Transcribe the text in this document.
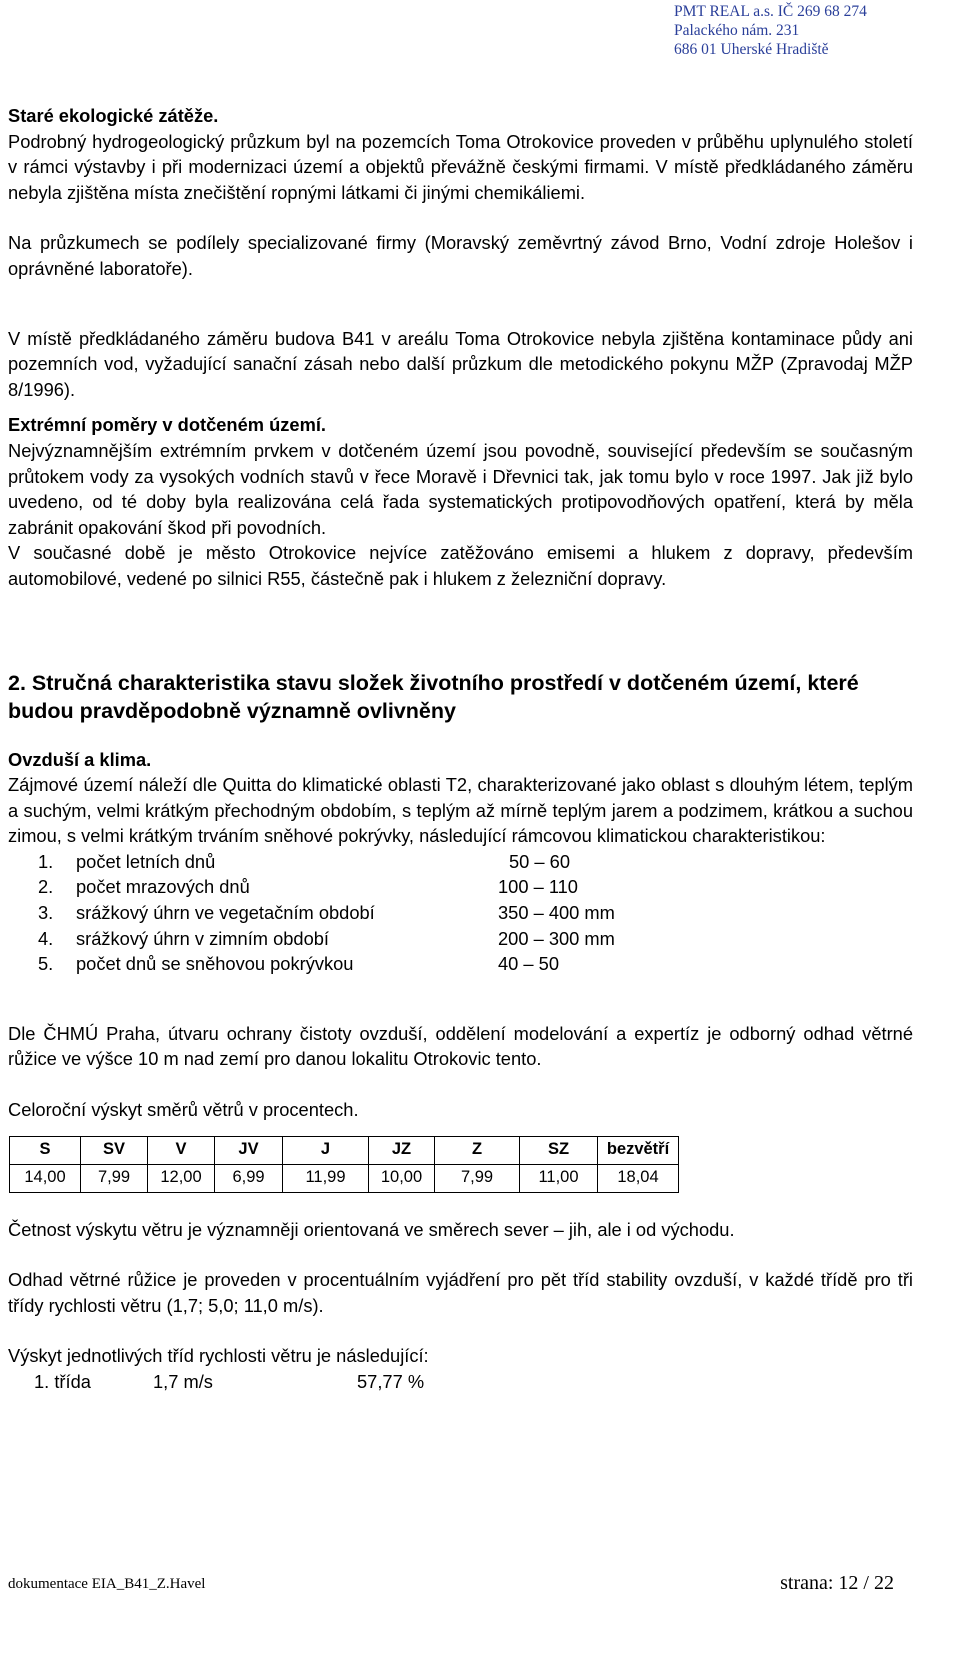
PMT REAL a.s. IČ 269 68 274
Palackého nám. 231
686 01 Uherské Hradiště

Staré ekologické zátěže.

Podrobný hydrogeologický průzkum byl na pozemcích Toma Otrokovice proveden v průběhu uplynulého století v rámci výstavby i při modernizaci území a objektů převážně českými firmami. V místě předkládaného záměru nebyla zjištěna místa znečištění ropnými látkami či jinými chemikáliemi.

Na průzkumech se podílely specializované firmy (Moravský zeměvrtný závod Brno, Vodní zdroje Holešov i oprávněné laboratoře).

V místě předkládaného záměru budova B41 v areálu Toma Otrokovice nebyla zjištěna kontaminace půdy ani pozemních vod, vyžadující sanační zásah nebo další průzkum dle metodického pokynu MŽP (Zpravodaj MŽP 8/1996).

Extrémní poměry v dotčeném území.

Nejvýznamnějším extrémním prvkem v dotčeném území jsou povodně, související především se současným průtokem vody za vysokých vodních stavů v řece Moravě i Dřevnici tak, jak tomu bylo v roce 1997. Jak již bylo uvedeno, od té doby byla realizována celá řada systematických protipovodňových opatření, která by měla zabránit opakování škod při povodních.

V současné době je město Otrokovice nejvíce zatěžováno emisemi a hlukem z dopravy, především automobilové, vedené po silnici R55, částečně pak i hlukem z železniční dopravy.

2. Stručná charakteristika stavu složek životního prostředí v dotčeném území, které budou pravděpodobně významně ovlivněny

Ovzduší a klima.

Zájmové území náleží dle Quitta do klimatické oblasti T2, charakterizované jako oblast s dlouhým létem, teplým a suchým, velmi krátkým přechodným obdobím, s teplým až mírně teplým jarem a podzimem, krátkou a suchou zimou, s velmi krátkým trváním sněhové pokrývky, následující rámcovou klimatickou charakteristikou:

1. počet letních dnů	50 – 60
2. počet mrazových dnů	100 – 110
3. srážkový úhrn ve vegetačním období	350 – 400 mm
4. srážkový úhrn v zimním období	200 – 300 mm
5. počet dnů se sněhovou pokrývkou	40 – 50

Dle ČHMÚ Praha, útvaru ochrany čistoty ovzduší, oddělení modelování a expertíz je odborný odhad větrné růžice ve výšce 10 m nad zemí pro danou lokalitu Otrokovic tento.

Celoroční výskyt směrů větrů v procentech.

S	SV	V	JV	J	JZ	Z	SZ	bezvětří
14,00	7,99	12,00	6,99	11,99	10,00	7,99	11,00	18,04

Četnost výskytu větru je významněji orientovaná ve směrech sever – jih, ale i od východu.

Odhad větrné růžice je proveden v procentuálním vyjádření pro pět tříd stability ovzduší, v každé třídě pro tři třídy rychlosti větru (1,7; 5,0; 11,0 m/s).

Výskyt jednotlivých tříd rychlosti větru je následující:

1. třída	1,7 m/s	57,77 %
dokumentace EIA_B41_Z.Havel	strana: 12 / 22
